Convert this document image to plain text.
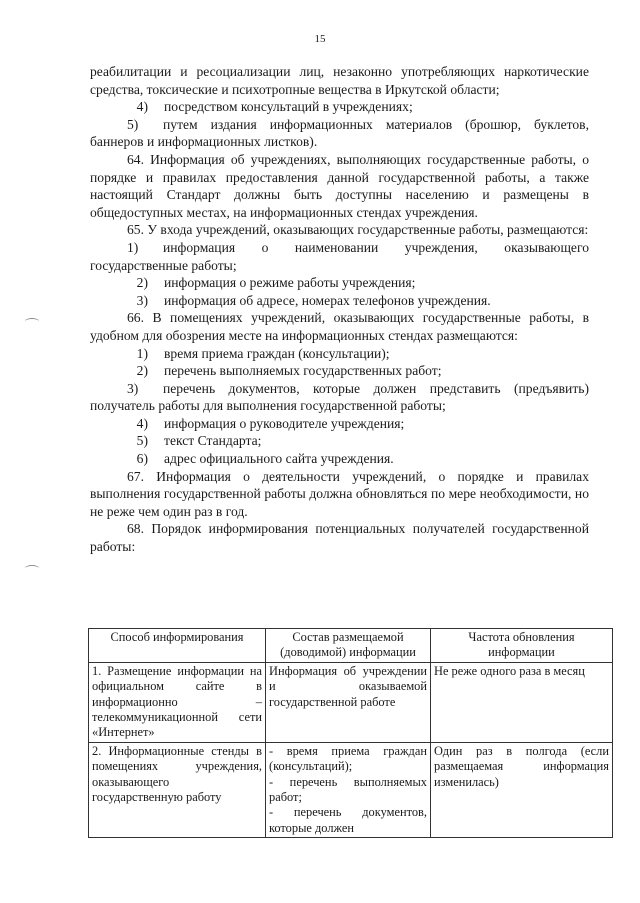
15

реабилитации и ресоциализации лиц, незаконно употребляющих наркотические средства, токсические и психотропные вещества в Иркутской области;

4)	посредством консультаций в учреждениях;

5) путем издания информационных материалов (брошюр, буклетов, баннеров и информационных листков).

64. Информация об учреждениях, выполняющих государственные работы, о порядке и правилах предоставления данной государственной работы, а также настоящий Стандарт должны быть доступны населению и размещены в общедоступных местах, на информационных стендах учреждения.

65. У входа учреждений, оказывающих государственные работы, размещаются:

1) информация о наименовании учреждения, оказывающего государственные работы;

2)	информация о режиме работы учреждения;
3)	информация об адресе, номерах телефонов учреждения.

66. В помещениях учреждений, оказывающих государственные работы, в удобном для обозрения месте на информационных стендах размещаются:

1)	время приема граждан (консультации);
2)	перечень выполняемых государственных работ;

3) перечень документов, которые должен представить (предъявить) получатель работы для выполнения государственной работы;

4)	информация о руководителе учреждения;
5)	текст Стандарта;
6)	адрес официального сайта учреждения.

67. Информация о деятельности учреждений, о порядке и правилах выполнения государственной работы должна обновляться по мере необходимости, но не реже чем один раз в год.

68. Порядок информирования потенциальных получателей государственной работы:

Способ информирования	Состав размещаемой (доводимой) информации	Частота обновления информации
1. Размещение информации на официальном сайте в информационно – телекоммуникационной сети «Интернет»	Информация об учреждении и оказываемой государственной работе	Не реже одного раза в месяц
2. Информационные стенды в помещениях учреждения, оказывающего государственную работу	- время приема граждан (консультаций);
- перечень выполняемых работ;
- перечень документов, которые должен	Один раз в полгода (если размещаемая информация изменилась)
